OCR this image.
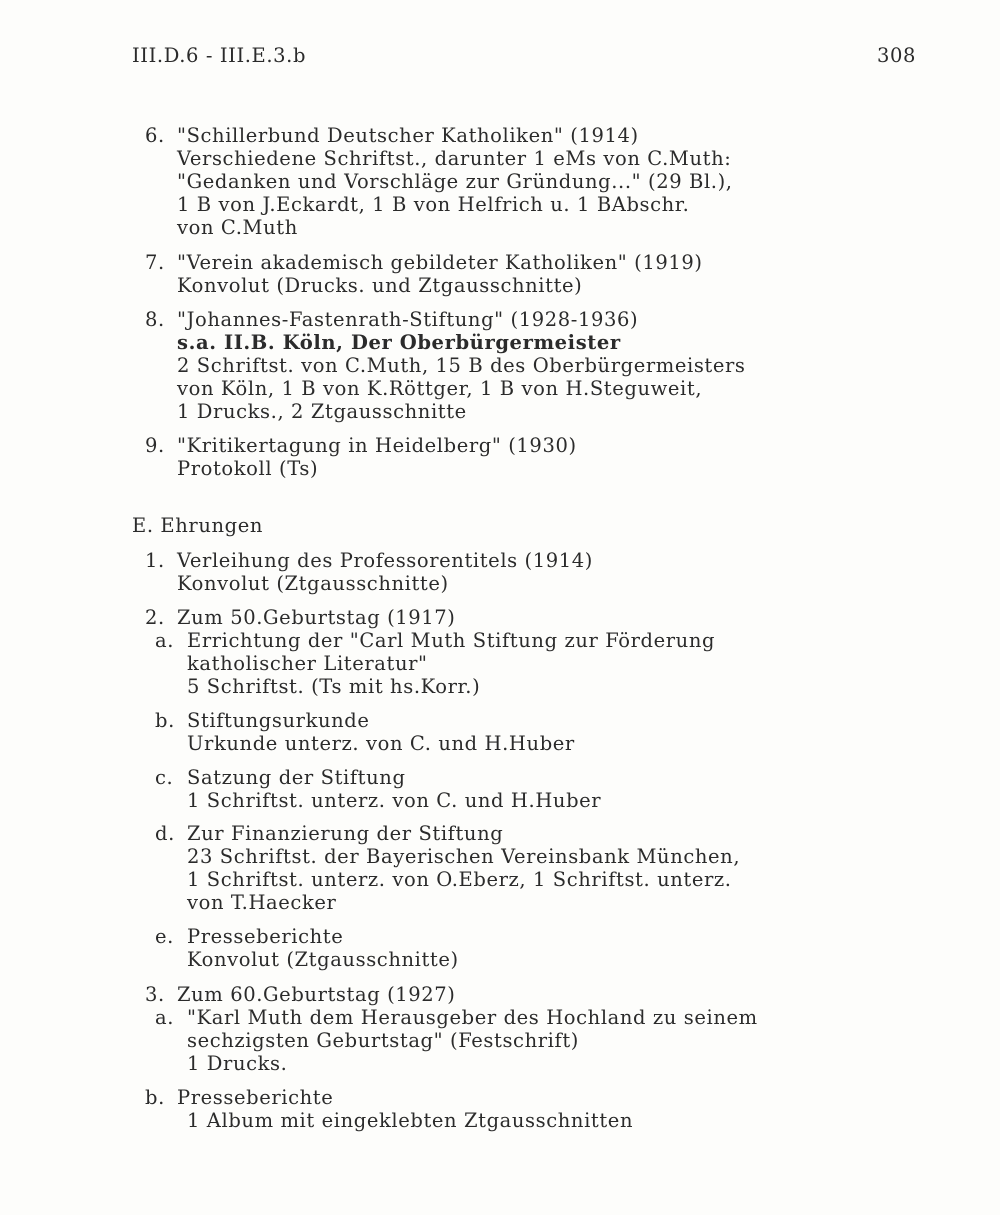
III.D.6 - III.E.3.b	308
6. "Schillerbund Deutscher Katholiken" (1914)
Verschiedene Schriftst., darunter 1 eMs von C.Muth:
"Gedanken und Vorschläge zur Gründung..." (29 Bl.),
1 B von J.Eckardt, 1 B von Helfrich u. 1 BAbschr.
von C.Muth
7. "Verein akademisch gebildeter Katholiken" (1919)
Konvolut (Drucks. und Ztgausschnitte)
8. "Johannes-Fastenrath-Stiftung" (1928-1936)
s.a. II.B. Köln, Der Oberbürgermeister
2 Schriftst. von C.Muth, 15 B des Oberbürgermeisters
von Köln, 1 B von K.Röttger, 1 B von H.Steguweit,
1 Drucks., 2 Ztgausschnitte
9. "Kritikertagung in Heidelberg" (1930)
Protokoll (Ts)
E. Ehrungen
1. Verleihung des Professorentitels (1914)
Konvolut (Ztgausschnitte)
2. Zum 50.Geburtstag (1917)
a. Errichtung der "Carl Muth Stiftung zur Förderung
katholischer Literatur"
5 Schriftst. (Ts mit hs.Korr.)
b. Stiftungsurkunde
Urkunde unterz. von C. und H.Huber
c. Satzung der Stiftung
1 Schriftst. unterz. von C. und H.Huber
d. Zur Finanzierung der Stiftung
23 Schriftst. der Bayerischen Vereinsbank München,
1 Schriftst. unterz. von O.Eberz, 1 Schriftst. unterz.
von T.Haecker
e. Presseberichte
Konvolut (Ztgausschnitte)
3. Zum 60.Geburtstag (1927)
a. "Karl Muth dem Herausgeber des Hochland zu seinem
sechzigsten Geburtstag" (Festschrift)
1 Drucks.
b. Presseberichte
1 Album mit eingeklebten Ztgausschnitten
